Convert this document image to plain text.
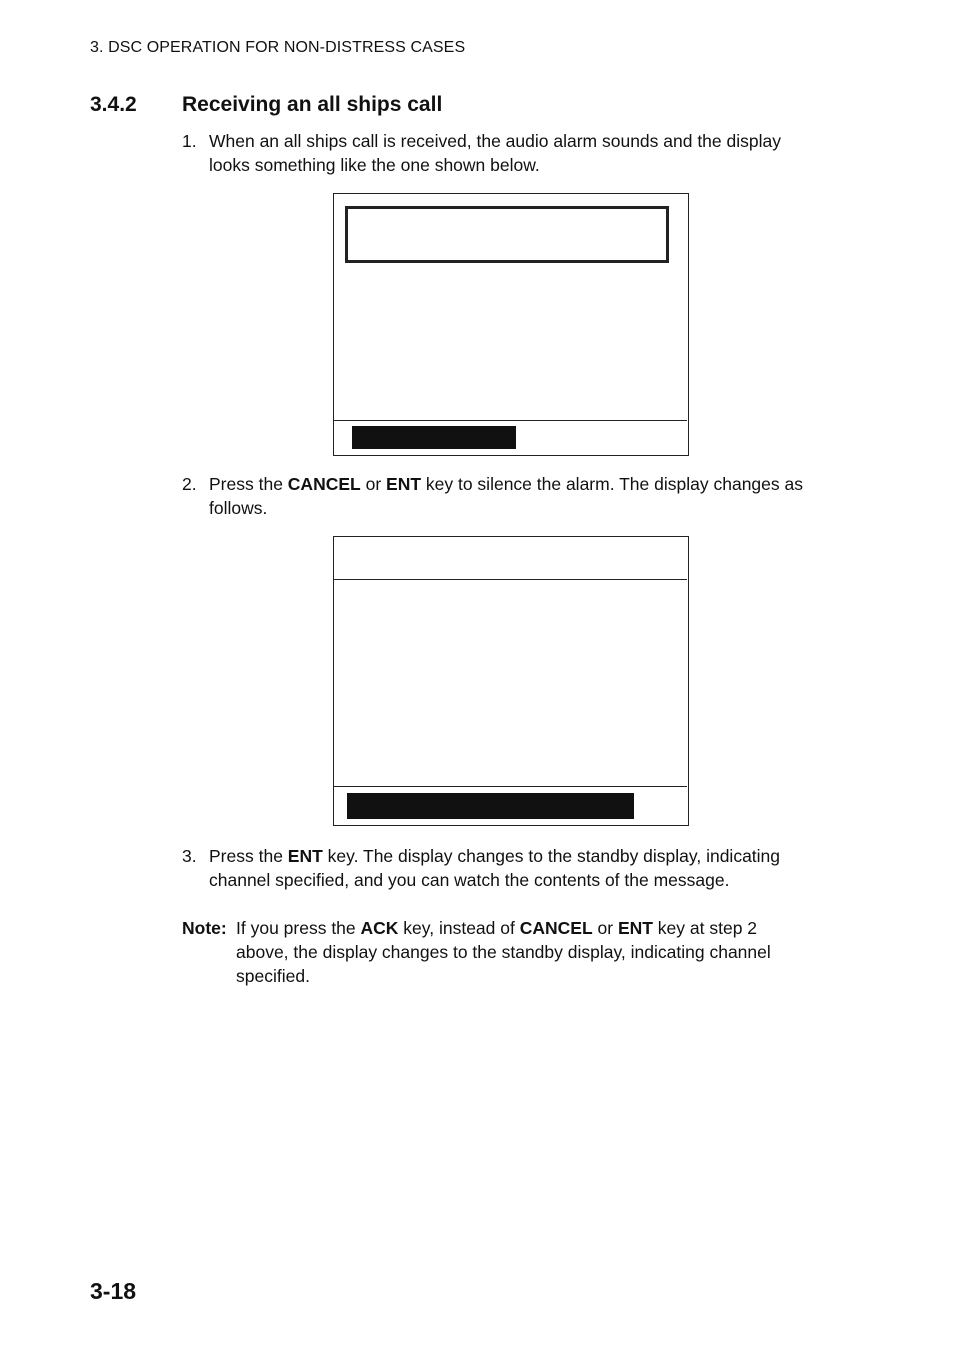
3. DSC OPERATION FOR NON-DISTRESS CASES
3.4.2 Receiving an all ships call
1. When an all ships call is received, the audio alarm sounds and the display
looks something like the one shown below.
2. Press the CANCEL or ENT key to silence the alarm. The display changes as
follows.
3. Press the ENT key. The display changes to the standby display, indicating
channel specified, and you can watch the contents of the message.
Note: If you press the ACK key, instead of CANCEL or ENT key at step 2
above, the display changes to the standby display, indicating channel
specified.
3-18
